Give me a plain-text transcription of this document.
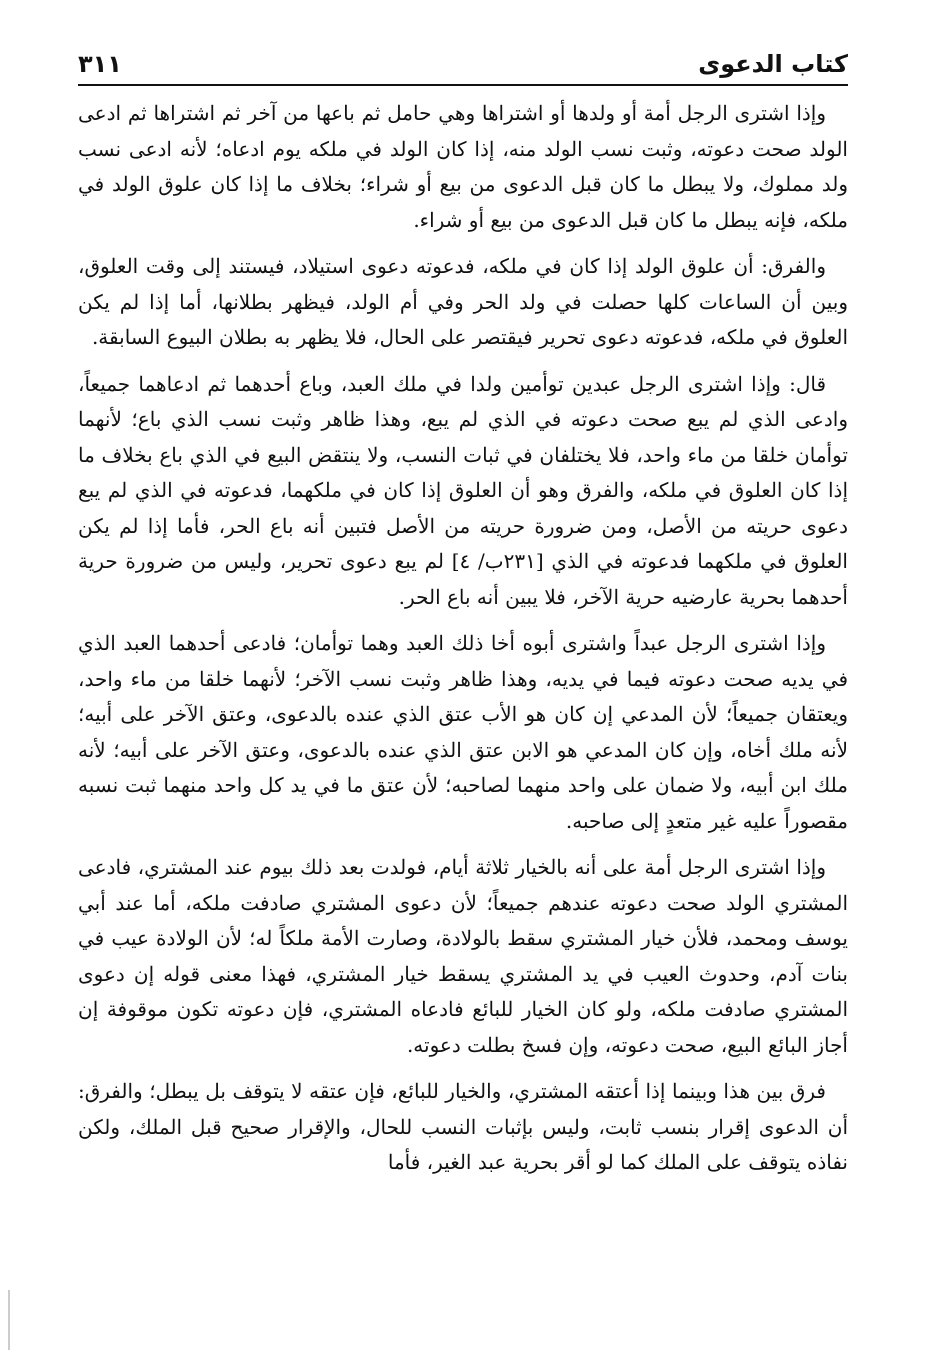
كتاب الدعوى
٣١١

وإذا اشترى الرجل أمة أو ولدها أو اشتراها وهي حامل ثم باعها من آخر ثم اشتراها ثم ادعى الولد صحت دعوته، وثبت نسب الولد منه، إذا كان الولد في ملكه يوم ادعاه؛ لأنه ادعى نسب ولد مملوك، ولا يبطل ما كان قبل الدعوى من بيع أو شراء؛ بخلاف ما إذا كان علوق الولد في ملكه، فإنه يبطل ما كان قبل الدعوى من بيع أو شراء.

والفرق: أن علوق الولد إذا كان في ملكه، فدعوته دعوى استيلاد، فيستند إلى وقت العلوق، وبين أن الساعات كلها حصلت في ولد الحر وفي أم الولد، فيظهر بطلانها، أما إذا لم يكن العلوق في ملكه، فدعوته دعوى تحرير فيقتصر على الحال، فلا يظهر به بطلان البيوع السابقة.

قال: وإذا اشترى الرجل عبدين توأمين ولدا في ملك العبد، وباع أحدهما ثم ادعاهما جميعاً، وادعى الذي لم يبع صحت دعوته في الذي لم يبع، وهذا ظاهر وثبت نسب الذي باع؛ لأنهما توأمان خلقا من ماء واحد، فلا يختلفان في ثبات النسب، ولا ينتقض البيع في الذي باع بخلاف ما إذا كان العلوق في ملكه، والفرق وهو أن العلوق إذا كان في ملكهما، فدعوته في الذي لم يبع دعوى حريته من الأصل، ومن ضرورة حريته من الأصل فتبين أنه باع الحر، فأما إذا لم يكن العلوق في ملكهما فدعوته في الذي [٢٣١ب/ ٤] لم يبع دعوى تحرير، وليس من ضرورة حرية أحدهما بحرية عارضيه حرية الآخر، فلا يبين أنه باع الحر.

وإذا اشترى الرجل عبداً واشترى أبوه أخا ذلك العبد وهما توأمان؛ فادعى أحدهما العبد الذي في يديه صحت دعوته فيما في يديه، وهذا ظاهر وثبت نسب الآخر؛ لأنهما خلقا من ماء واحد، ويعتقان جميعاً؛ لأن المدعي إن كان هو الأب عتق الذي عنده بالدعوى، وعتق الآخر على أبيه؛ لأنه ملك أخاه، وإن كان المدعي هو الابن عتق الذي عنده بالدعوى، وعتق الآخر على أبيه؛ لأنه ملك ابن أبيه، ولا ضمان على واحد منهما لصاحبه؛ لأن عتق ما في يد كل واحد منهما ثبت نسبه مقصوراً عليه غير متعدٍ إلى صاحبه.

وإذا اشترى الرجل أمة على أنه بالخيار ثلاثة أيام، فولدت بعد ذلك بيوم عند المشتري، فادعى المشتري الولد صحت دعوته عندهم جميعاً؛ لأن دعوى المشتري صادفت ملكه، أما عند أبي يوسف ومحمد، فلأن خيار المشتري سقط بالولادة، وصارت الأمة ملكاً له؛ لأن الولادة عيب في بنات آدم، وحدوث العيب في يد المشتري يسقط خيار المشتري، فهذا معنى قوله إن دعوى المشتري صادفت ملكه، ولو كان الخيار للبائع فادعاه المشتري، فإن دعوته تكون موقوفة إن أجاز البائع البيع، صحت دعوته، وإن فسخ بطلت دعوته.

فرق بين هذا وبينما إذا أعتقه المشتري، والخيار للبائع، فإن عتقه لا يتوقف بل يبطل؛ والفرق: أن الدعوى إقرار بنسب ثابت، وليس بإثبات النسب للحال، والإقرار صحيح قبل الملك، ولكن نفاذه يتوقف على الملك كما لو أقر بحرية عبد الغير، فأما
